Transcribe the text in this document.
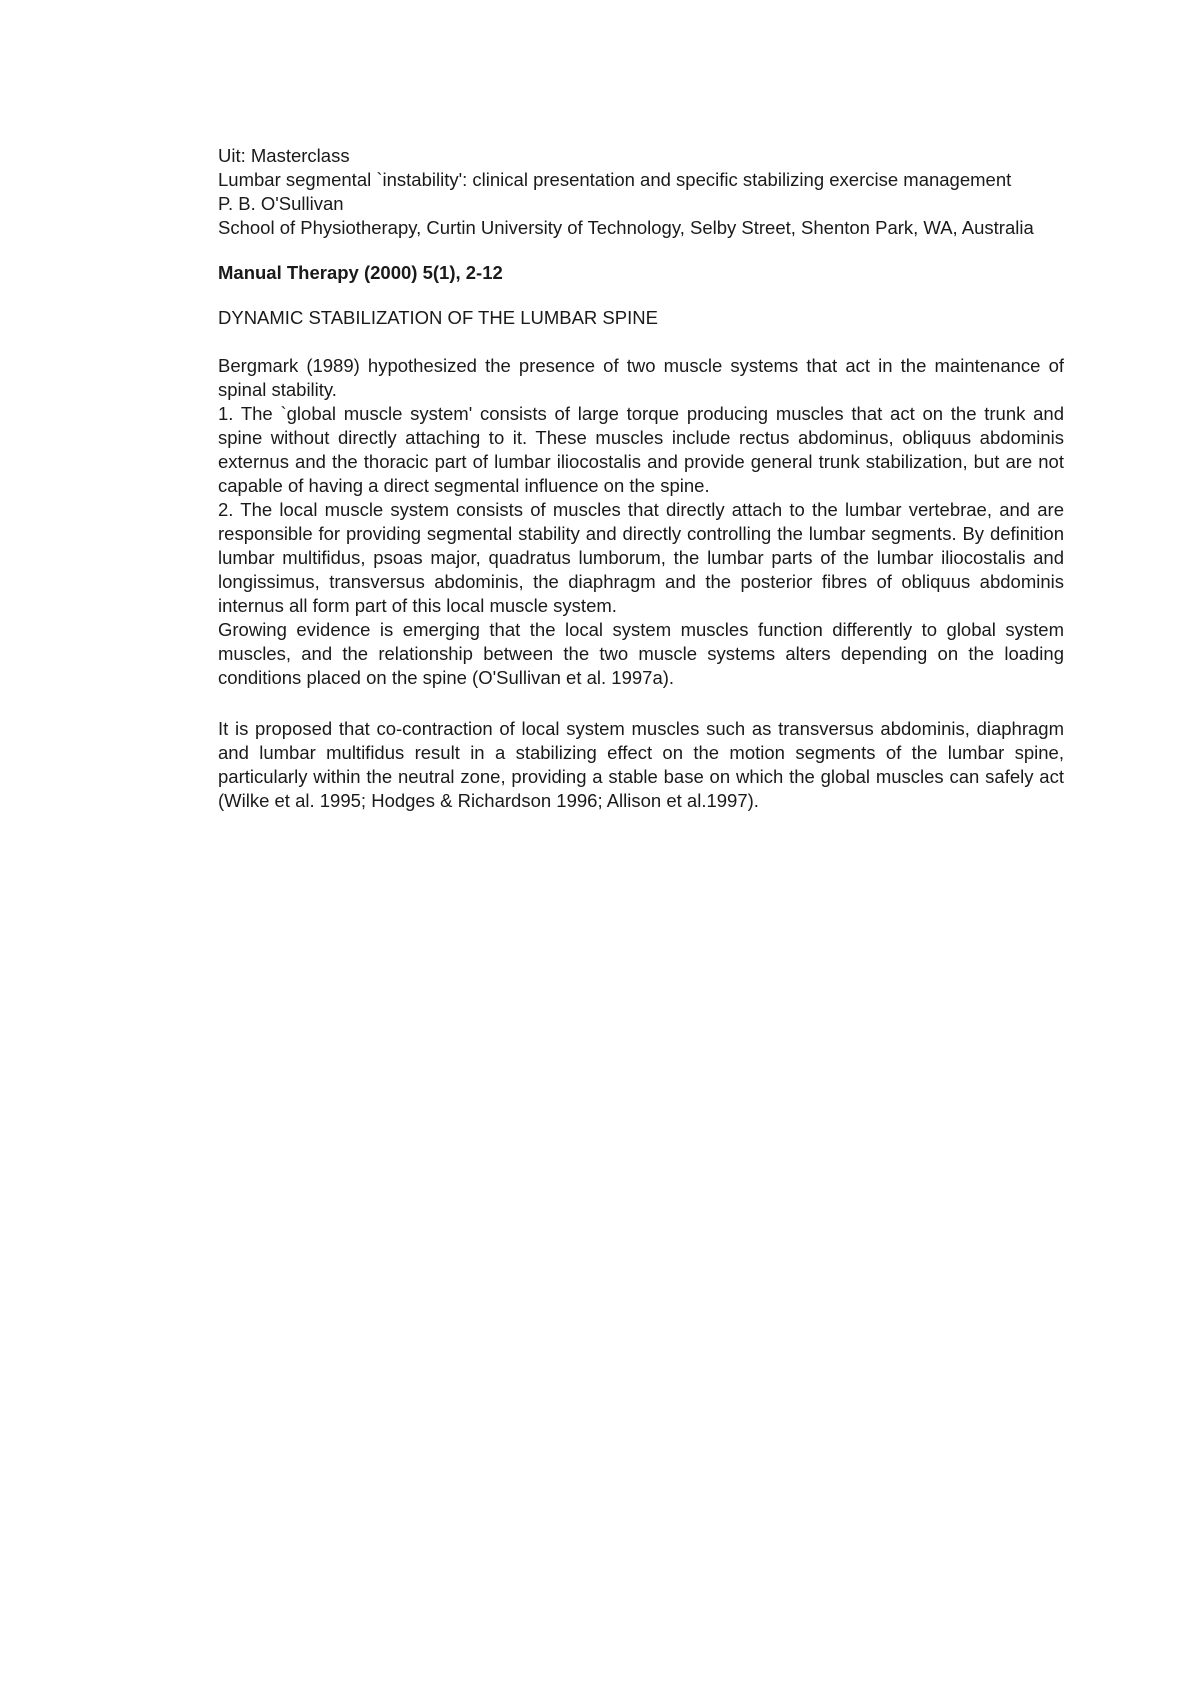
Uit: Masterclass

Lumbar segmental `instability': clinical presentation and specific stabilizing exercise management

P. B. O'Sullivan

School of Physiotherapy, Curtin University of Technology, Selby Street, Shenton Park, WA, Australia

Manual Therapy (2000) 5(1), 2-12

DYNAMIC STABILIZATION OF THE LUMBAR SPINE

Bergmark (1989) hypothesized the presence of two muscle systems that act in the maintenance of spinal stability.

1. The `global muscle system' consists of large torque producing muscles that act on the trunk and spine without directly attaching to it. These muscles include rectus abdominus, obliquus abdominis externus and the thoracic part of lumbar iliocostalis and provide general trunk stabilization, but are not capable of having a direct segmental influence on the spine.

2. The local muscle system consists of muscles that directly attach to the lumbar vertebrae, and are responsible for providing segmental stability and directly controlling the lumbar segments. By definition lumbar multifidus, psoas major, quadratus lumborum, the lumbar parts of the lumbar iliocostalis and longissimus, transversus abdominis, the diaphragm and the posterior fibres of obliquus abdominis internus all form part of this local muscle system.

Growing evidence is emerging that the local system muscles function differently to global system muscles, and the relationship between the two muscle systems alters depending on the loading conditions placed on the spine (O'Sullivan et al. 1997a).

It is proposed that co-contraction of local system muscles such as transversus abdominis, diaphragm and lumbar multifidus result in a stabilizing effect on the motion segments of the lumbar spine, particularly within the neutral zone, providing a stable base on which the global muscles can safely act (Wilke et al. 1995; Hodges & Richardson 1996; Allison et al.1997).
